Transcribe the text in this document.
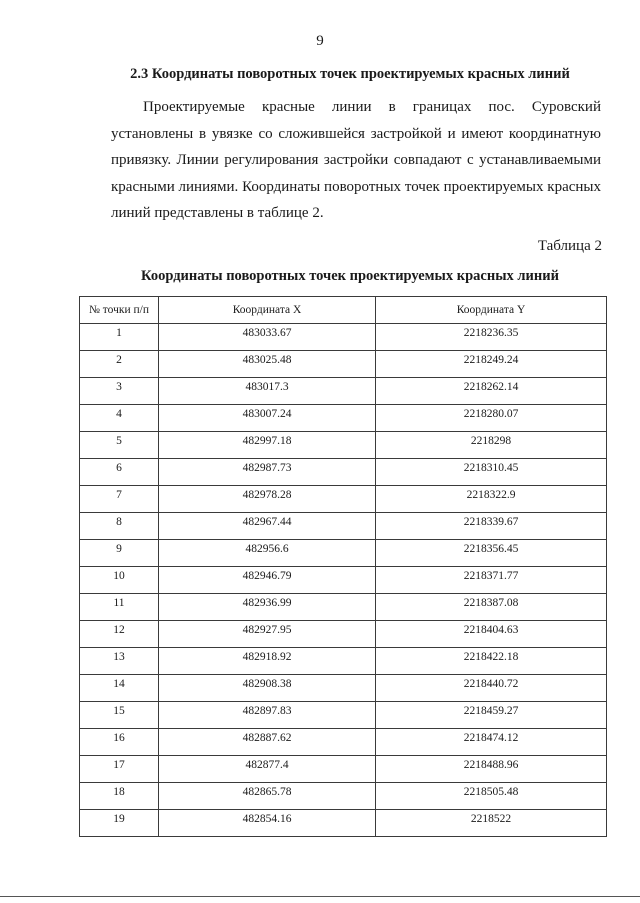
9
2.3 Координаты поворотных точек проектируемых красных линий

Проектируемые красные линии в границах пос. Суровский установлены в увязке со сложившейся застройкой и имеют координатную привязку. Линии регулирования застройки совпадают с устанавливаемыми красными линиями. Координаты поворотных точек проектируемых красных линий представлены в таблице 2.

Таблица 2
Координаты поворотных точек проектируемых красных линий
№ точки п/п	Координата X	Координата Y
1	483033.67	2218236.35
2	483025.48	2218249.24
3	483017.3	2218262.14
4	483007.24	2218280.07
5	482997.18	2218298
6	482987.73	2218310.45
7	482978.28	2218322.9
8	482967.44	2218339.67
9	482956.6	2218356.45
10	482946.79	2218371.77
11	482936.99	2218387.08
12	482927.95	2218404.63
13	482918.92	2218422.18
14	482908.38	2218440.72
15	482897.83	2218459.27
16	482887.62	2218474.12
17	482877.4	2218488.96
18	482865.78	2218505.48
19	482854.16	2218522
